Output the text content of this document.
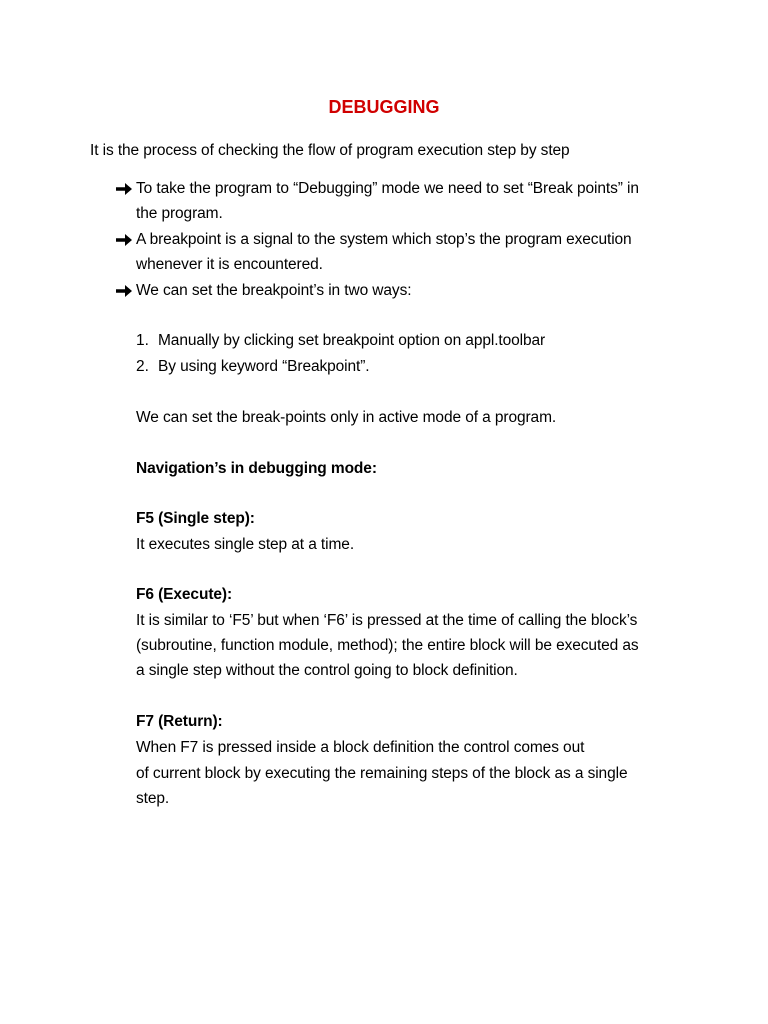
DEBUGGING
It is the process of checking the flow of program execution step by step
To take the program to “Debugging” mode we need to set “Break points” in
the program.
A breakpoint is a signal to the system which stop’s the program execution
whenever it is encountered.
We can set the breakpoint’s in two ways:
1. Manually by clicking set breakpoint option on appl.toolbar
2. By using keyword “Breakpoint”.
We can set the break-points only in active mode of a program.
Navigation’s in debugging mode:
F5 (Single step):
It executes single step at a time.
F6 (Execute):
It is similar to ‘F5’ but when ‘F6’ is pressed at the time of calling the block’s
(subroutine, function module, method); the entire block will be executed as
a single step without the control going to block definition.
F7 (Return):
When F7 is pressed inside a block definition the control comes out
of current block by executing the remaining steps of the block as a single
step.
